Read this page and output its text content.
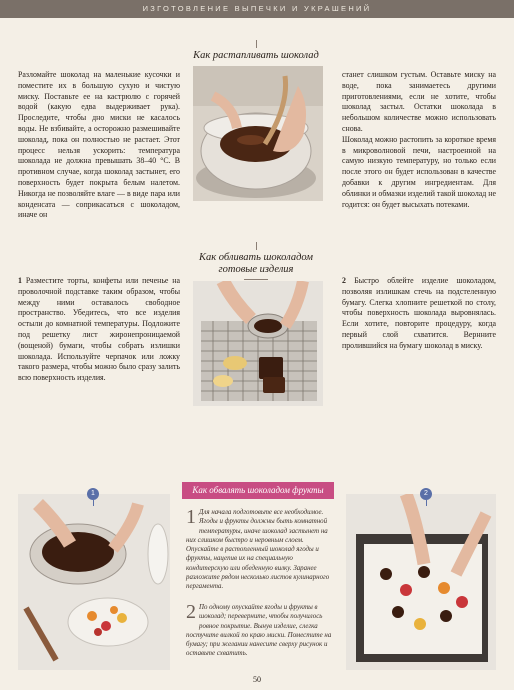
ИЗГОТОВЛЕНИЕ ВЫПЕЧКИ И УКРАШЕНИЙ
Как растапливать шоколад

Разломайте шоколад на маленькие кусочки и поместите их в большую сухую и чистую миску. Поставьте ее на кастрюлю с горячей водой (какую едва выдерживает рука). Проследите, чтобы дно миски не касалось воды. Не взбивайте, а осторожно размешивайте шоколад, пока он полностью не растает. Этот процесс нельзя ускорить: температура шоколада не должна превышать 38–40 °С. В противном случае, когда шоколад застынет, его поверхность будет покрыта белым налетом. Никогда не позволяйте влаге — в виде пара или конденсата — соприкасаться с шоколадом, иначе он

станет слишком густым. Оставьте миску на воде, пока занимаетесь другими приготовлениями, если не хотите, чтобы шоколад застыл. Остатки шоколада в небольшом количестве можно использовать снова.

Шоколад можно растопить за короткое время в микроволновой печи, настроенной на самую низкую температуру, но только если после этого он будет использован в качестве добавки к другим ингредиентам. Для облинки и обмазки изделий такой шоколад не годится: он будет высыхать потеками.

Как обливать шоколадом
готовые изделия

1 Разместите торты, конфеты или печенье на проволочной подставке таким образом, чтобы между ними оставалось свободное пространство. Убедитесь, что все изделия остыли до комнатной температуры. Подложите под решетку лист жиронепроницаемой (вощеной) бумаги, чтобы собрать излишки шоколада. Используйте черпачок или ложку такого размера, чтобы можно было сразу залить всю поверхность изделия.

2 Быстро облейте изделие шоколадом, позволяя излишкам стечь на подстеленную бумагу. Слегка хлопните решеткой по столу, чтобы поверхность шоколада выровнялась. Если хотите, повторите процедуру, когда первый слой схватится. Вернните пролившийся на бумагу шоколад в миску.

1	Как обвалять шоколадом фрукты
1 Для начала подготовьте все необходимое. Ягоды и фрукты должны быть комнатной температуры, иначе шоколад застынет на них слишком быстро и неровным слоем. Опускайте в растопленный шоколад ягоды и фрукты, нацепив их на специальную кондитерскую или обеденную вилку. Заранее разложите рядом несколько листов кулинарного пергамента.
2 По одному опускайте ягоды и фрукты в шоколад; переверните, чтобы получилось ровное покрытие. Вынув изделие, слегка постучите вилкой по краю миски. Поместите на бумагу; при желании нанесите сверху рисунок и оставьте схватить.
2
50
